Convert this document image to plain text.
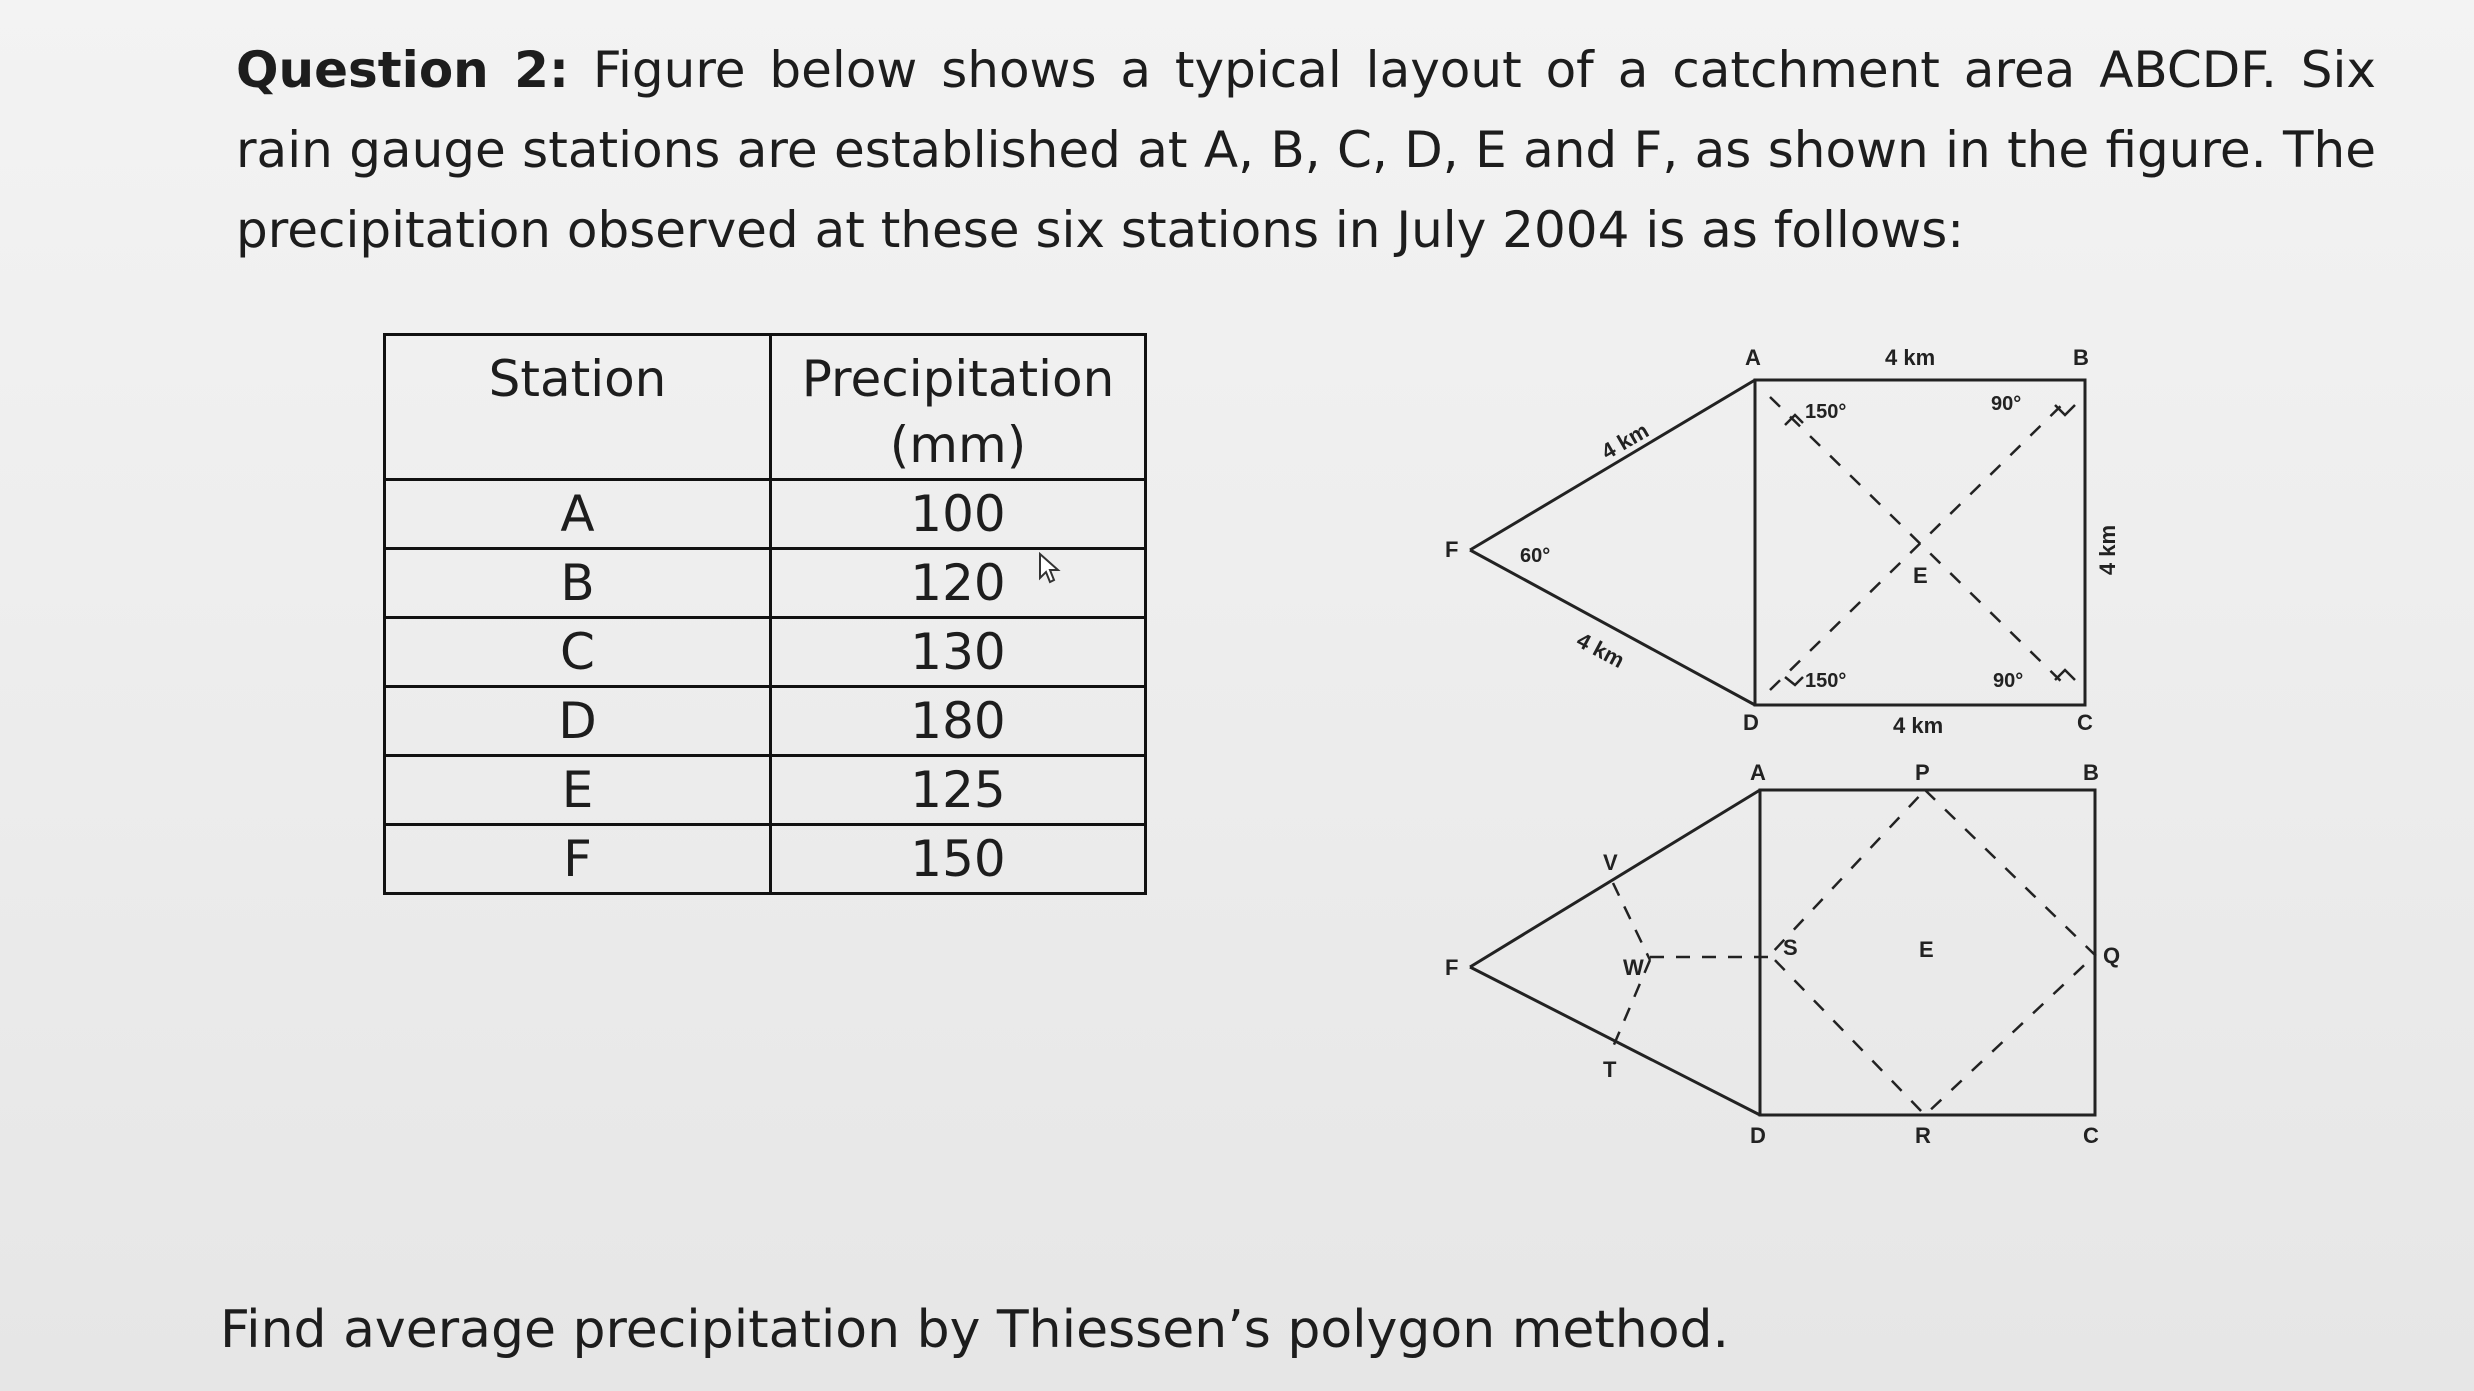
Question 2: Figure below shows a typical layout of a catchment area ABCDF. Six rain gauge stations are established at A, B, C, D, E and F, as shown in the figure. The precipitation observed at these six stations in July 2004 is as follows:
Station	Precipitation (mm)
A	100
B	120
C	130
D	180
E	125
F	150
A	B
C
D
E
F
4 km
4 km
4 km
4 km
4 km
150°	90°
60°
150°	90°
A	P	B
V
F	W
S	E	Q
T
D	R	C
Find average precipitation by Thiessen’s polygon method.
